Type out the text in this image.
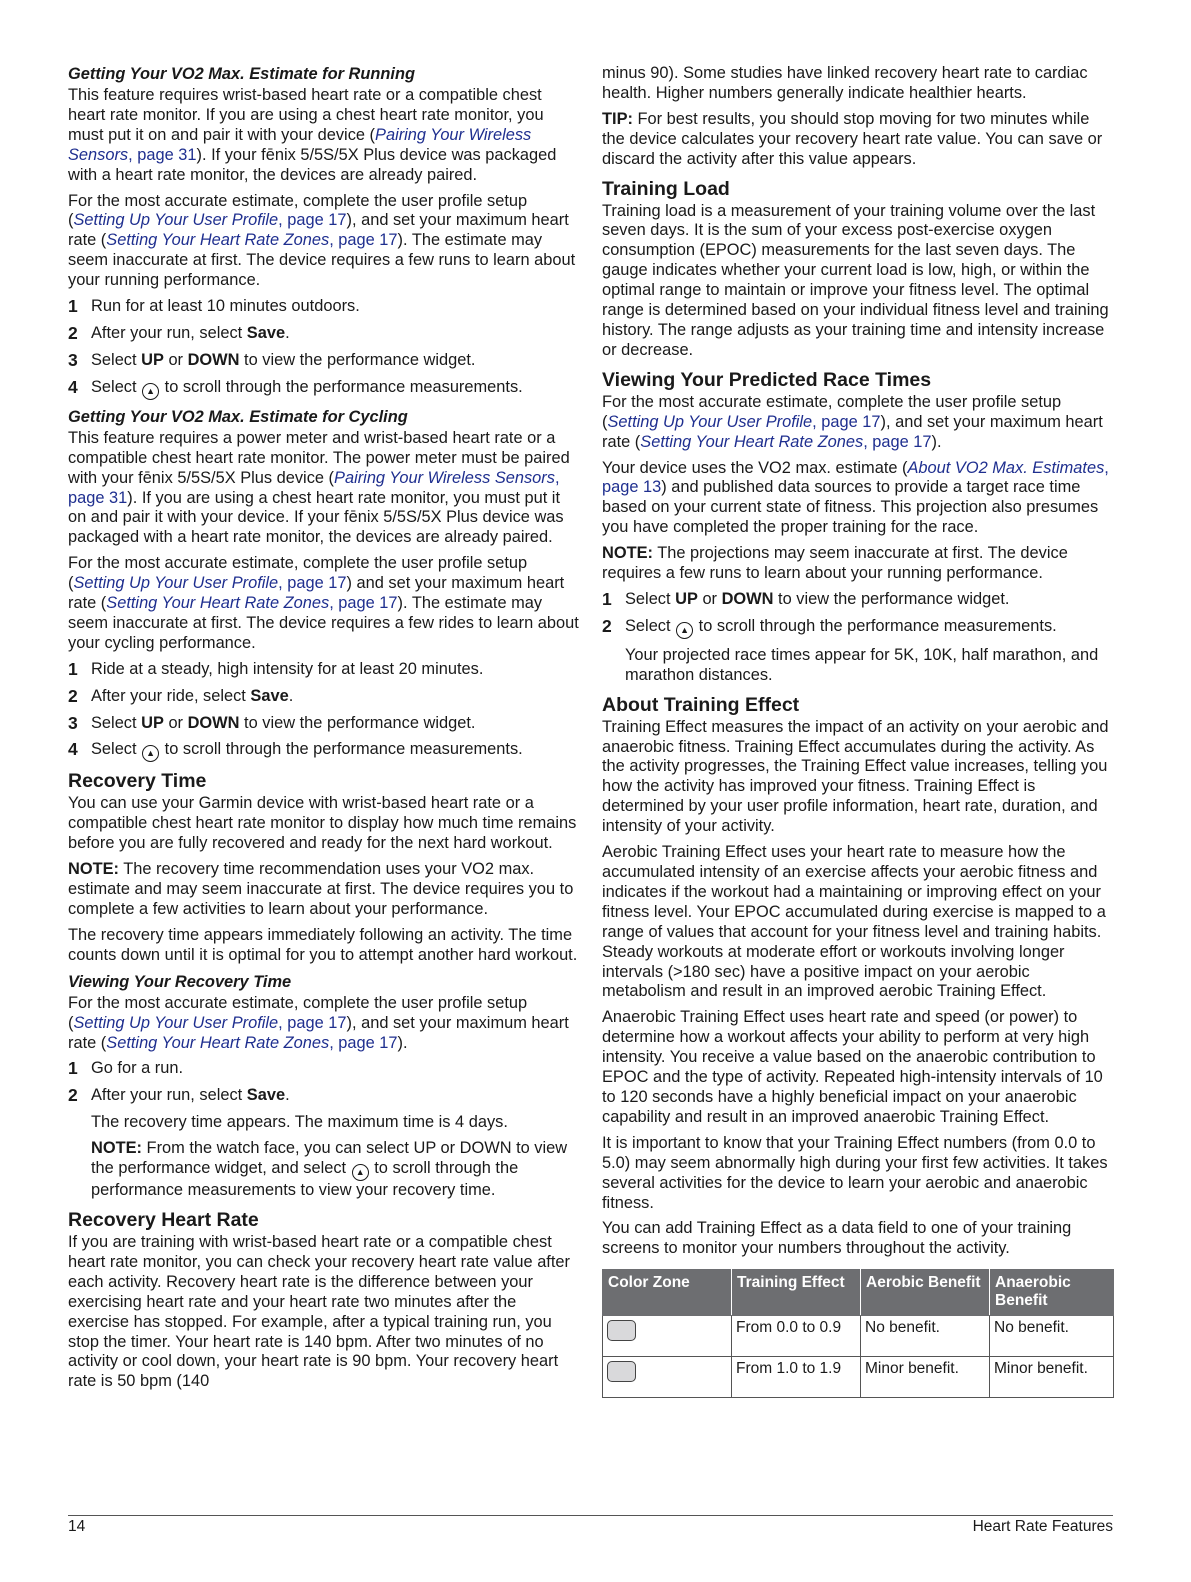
Getting Your VO2 Max. Estimate for Running

This feature requires wrist-based heart rate or a compatible chest heart rate monitor. If you are using a chest heart rate monitor, you must put it on and pair it with your device (Pairing Your Wireless Sensors, page 31). If your fēnix 5/5S/5X Plus device was packaged with a heart rate monitor, the devices are already paired.

For the most accurate estimate, complete the user profile setup (Setting Up Your User Profile, page 17), and set your maximum heart rate (Setting Your Heart Rate Zones, page 17). The estimate may seem inaccurate at first. The device requires a few runs to learn about your running performance.

1 Run for at least 10 minutes outdoors.
2 After your run, select Save.
3 Select UP or DOWN to view the performance widget.
4 Select ▲ to scroll through the performance measurements.
Getting Your VO2 Max. Estimate for Cycling

This feature requires a power meter and wrist-based heart rate or a compatible chest heart rate monitor. The power meter must be paired with your fēnix 5/5S/5X Plus device (Pairing Your Wireless Sensors, page 31). If you are using a chest heart rate monitor, you must put it on and pair it with your device. If your fēnix 5/5S/5X Plus device was packaged with a heart rate monitor, the devices are already paired.

For the most accurate estimate, complete the user profile setup (Setting Up Your User Profile, page 17) and set your maximum heart rate (Setting Your Heart Rate Zones, page 17). The estimate may seem inaccurate at first. The device requires a few rides to learn about your cycling performance.

1 Ride at a steady, high intensity for at least 20 minutes.
2 After your ride, select Save.
3 Select UP or DOWN to view the performance widget.
4 Select ▲ to scroll through the performance measurements.
Recovery Time

You can use your Garmin device with wrist-based heart rate or a compatible chest heart rate monitor to display how much time remains before you are fully recovered and ready for the next hard workout.

NOTE: The recovery time recommendation uses your VO2 max. estimate and may seem inaccurate at first. The device requires you to complete a few activities to learn about your performance.

The recovery time appears immediately following an activity. The time counts down until it is optimal for you to attempt another hard workout.

Viewing Your Recovery Time

For the most accurate estimate, complete the user profile setup (Setting Up Your User Profile, page 17), and set your maximum heart rate (Setting Your Heart Rate Zones, page 17).

1 Go for a run.
2 After your run, select Save.

The recovery time appears. The maximum time is 4 days.

NOTE: From the watch face, you can select UP or DOWN to view the performance widget, and select ▲ to scroll through the performance measurements to view your recovery time.

Recovery Heart Rate

If you are training with wrist-based heart rate or a compatible chest heart rate monitor, you can check your recovery heart rate value after each activity. Recovery heart rate is the difference between your exercising heart rate and your heart rate two minutes after the exercise has stopped. For example, after a typical training run, you stop the timer. Your heart rate is 140 bpm. After two minutes of no activity or cool down, your heart rate is 90 bpm. Your recovery heart rate is 50 bpm (140

minus 90). Some studies have linked recovery heart rate to cardiac health. Higher numbers generally indicate healthier hearts.

TIP: For best results, you should stop moving for two minutes while the device calculates your recovery heart rate value. You can save or discard the activity after this value appears.

Training Load

Training load is a measurement of your training volume over the last seven days. It is the sum of your excess post-exercise oxygen consumption (EPOC) measurements for the last seven days. The gauge indicates whether your current load is low, high, or within the optimal range to maintain or improve your fitness level. The optimal range is determined based on your individual fitness level and training history. The range adjusts as your training time and intensity increase or decrease.

Viewing Your Predicted Race Times

For the most accurate estimate, complete the user profile setup (Setting Up Your User Profile, page 17), and set your maximum heart rate (Setting Your Heart Rate Zones, page 17).

Your device uses the VO2 max. estimate (About VO2 Max. Estimates, page 13) and published data sources to provide a target race time based on your current state of fitness. This projection also presumes you have completed the proper training for the race.

NOTE: The projections may seem inaccurate at first. The device requires a few runs to learn about your running performance.

1 Select UP or DOWN to view the performance widget.
2 Select ▲ to scroll through the performance measurements.

Your projected race times appear for 5K, 10K, half marathon, and marathon distances.

About Training Effect

Training Effect measures the impact of an activity on your aerobic and anaerobic fitness. Training Effect accumulates during the activity. As the activity progresses, the Training Effect value increases, telling you how the activity has improved your fitness. Training Effect is determined by your user profile information, heart rate, duration, and intensity of your activity.

Aerobic Training Effect uses your heart rate to measure how the accumulated intensity of an exercise affects your aerobic fitness and indicates if the workout had a maintaining or improving effect on your fitness level. Your EPOC accumulated during exercise is mapped to a range of values that account for your fitness level and training habits. Steady workouts at moderate effort or workouts involving longer intervals (>180 sec) have a positive impact on your aerobic metabolism and result in an improved aerobic Training Effect.

Anaerobic Training Effect uses heart rate and speed (or power) to determine how a workout affects your ability to perform at very high intensity. You receive a value based on the anaerobic contribution to EPOC and the type of activity. Repeated high-intensity intervals of 10 to 120 seconds have a highly beneficial impact on your anaerobic capability and result in an improved anaerobic Training Effect.

It is important to know that your Training Effect numbers (from 0.0 to 5.0) may seem abnormally high during your first few activities. It takes several activities for the device to learn your aerobic and anaerobic fitness.

You can add Training Effect as a data field to one of your training screens to monitor your numbers throughout the activity.

Color Zone	Training Effect	Aerobic Benefit	Anaerobic Benefit
	From 0.0 to 0.9	No benefit.	No benefit.
	From 1.0 to 1.9	Minor benefit.	Minor benefit.
14	Heart Rate Features
